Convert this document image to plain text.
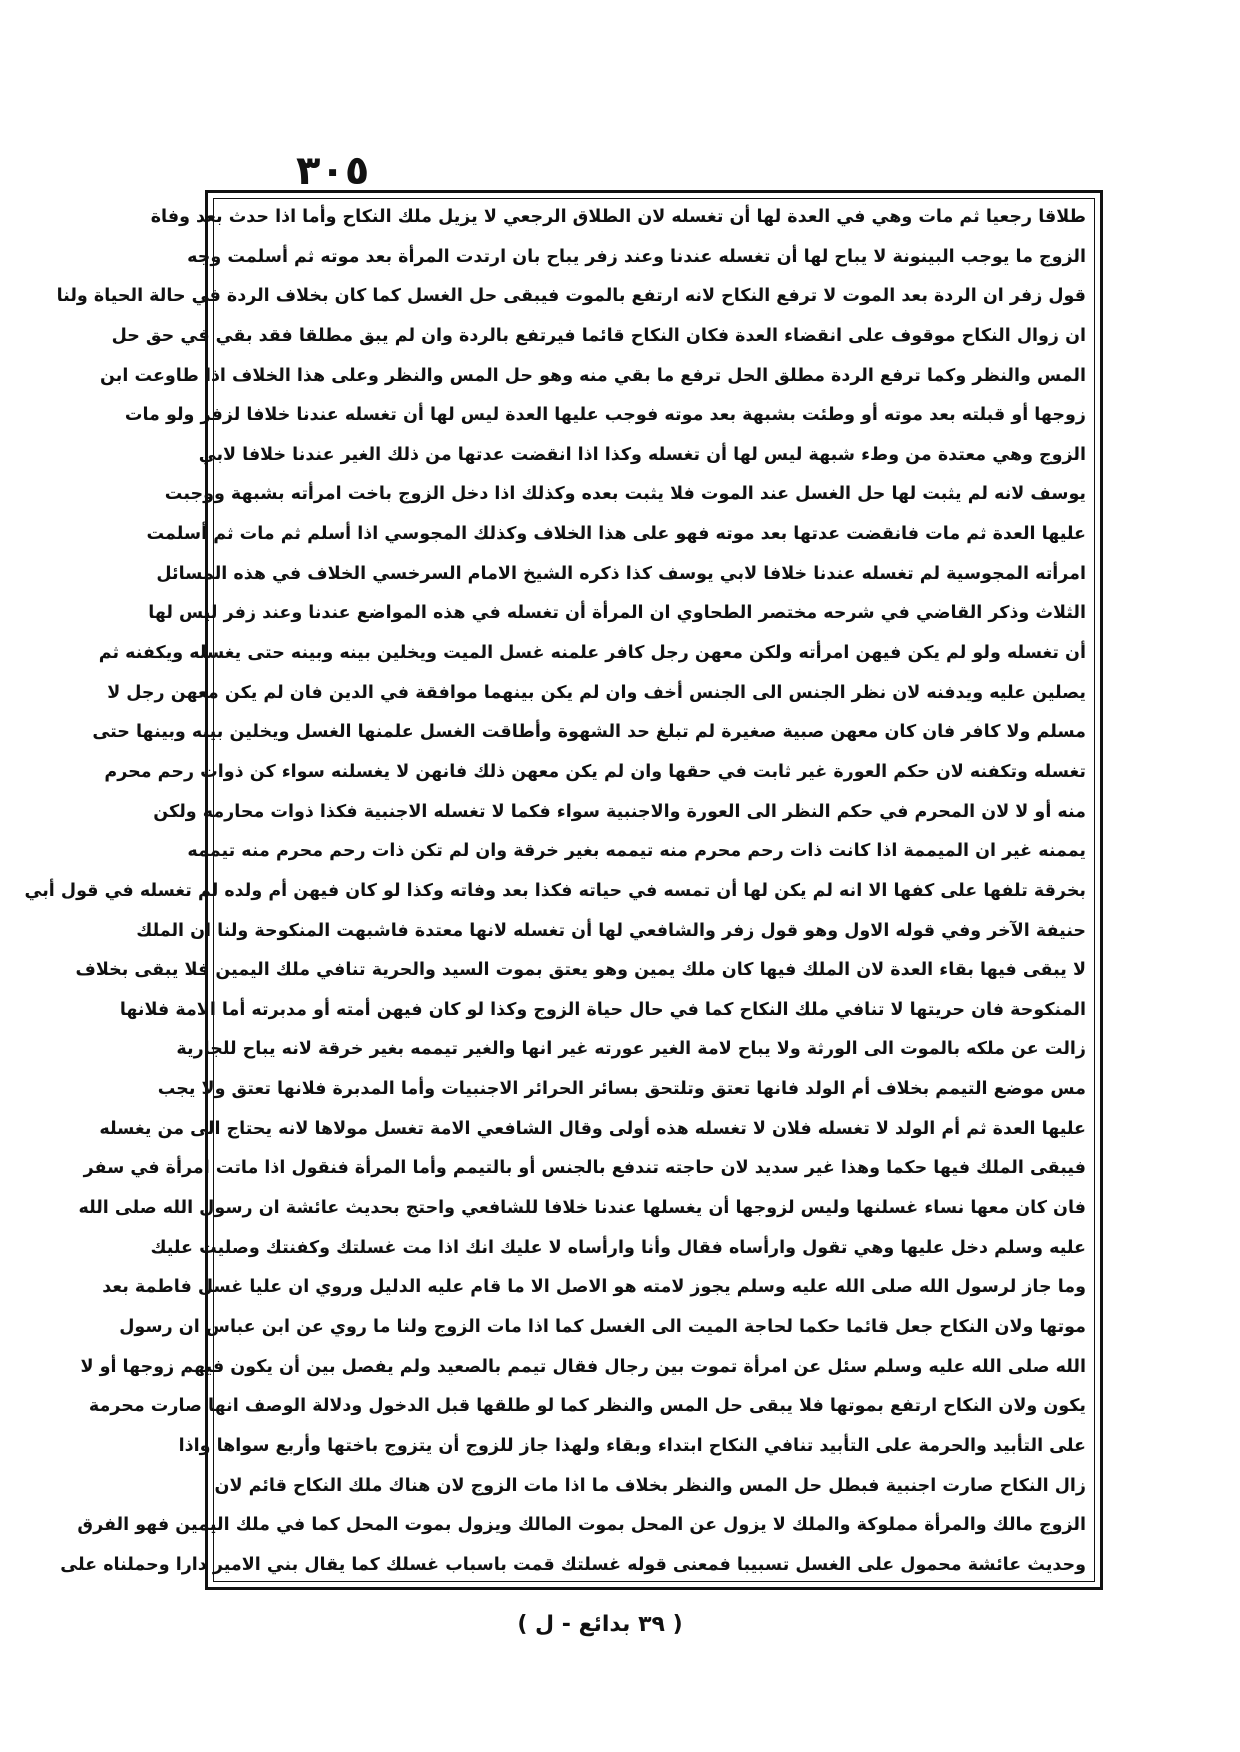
٣٠٥
طلاقا رجعيا ثم مات وهي في العدة لها أن تغسله لان الطلاق الرجعي لا يزيل ملك النكاح وأما اذا حدث بعد وفاة
الزوج ما يوجب البينونة لا يباح لها أن تغسله عندنا وعند زفر يباح بان ارتدت المرأة بعد موته ثم أسلمت وجه
قول زفر ان الردة بعد الموت لا ترفع النكاح لانه ارتفع بالموت فيبقى حل الغسل كما كان بخلاف الردة في حالة الحياة ولنا
ان زوال النكاح موقوف على انقضاء العدة فكان النكاح قائما فيرتفع بالردة وان لم يبق مطلقا فقد بقي في حق حل
المس والنظر وكما ترفع الردة مطلق الحل ترفع ما بقي منه وهو حل المس والنظر وعلى هذا الخلاف اذا طاوعت ابن
زوجها أو قبلته بعد موته أو وطئت بشبهة بعد موته فوجب عليها العدة ليس لها أن تغسله عندنا خلافا لزفر ولو مات
الزوج وهي معتدة من وطء شبهة ليس لها أن تغسله وكذا اذا انقضت عدتها من ذلك الغير عندنا خلافا لابي
يوسف لانه لم يثبت لها حل الغسل عند الموت فلا يثبت بعده وكذلك اذا دخل الزوج باخت امرأته بشبهة ووجبت
عليها العدة ثم مات فانقضت عدتها بعد موته فهو على هذا الخلاف وكذلك المجوسي اذا أسلم ثم مات ثم أسلمت
امرأته المجوسية لم تغسله عندنا خلافا لابي يوسف كذا ذكره الشيخ الامام السرخسي الخلاف في هذه المسائل
الثلاث وذكر القاضي في شرحه مختصر الطحاوي ان المرأة أن تغسله في هذه المواضع عندنا وعند زفر ليس لها
أن تغسله ولو لم يكن فيهن امرأته ولكن معهن رجل كافر علمنه غسل الميت ويخلين بينه وبينه حتى يغسله ويكفنه ثم
يصلين عليه ويدفنه لان نظر الجنس الى الجنس أخف وان لم يكن بينهما موافقة في الدين فان لم يكن معهن رجل لا
مسلم ولا كافر فان كان معهن صبية صغيرة لم تبلغ حد الشهوة وأطاقت الغسل علمنها الغسل ويخلين بينه وبينها حتى
تغسله وتكفنه لان حكم العورة غير ثابت في حقها وان لم يكن معهن ذلك فانهن لا يغسلنه سواء كن ذوات رحم محرم
منه أو لا لان المحرم في حكم النظر الى العورة والاجنبية سواء فكما لا تغسله الاجنبية فكذا ذوات محارمه ولكن
يممنه غير ان الميممة اذا كانت ذات رحم محرم منه تيممه بغير خرقة وان لم تكن ذات رحم محرم منه تيممه
بخرقة تلفها على كفها الا انه لم يكن لها أن تمسه في حياته فكذا بعد وفاته وكذا لو كان فيهن أم ولده لم تغسله في قول أبي
حنيفة الآخر وفي قوله الاول وهو قول زفر والشافعي لها أن تغسله لانها معتدة فاشبهت المنكوحة ولنا ان الملك
لا يبقى فيها بقاء العدة لان الملك فيها كان ملك يمين وهو يعتق بموت السيد والحرية تنافي ملك اليمين فلا يبقى بخلاف
المنكوحة فان حريتها لا تنافي ملك النكاح كما في حال حياة الزوج وكذا لو كان فيهن أمته أو مدبرته أما الامة فلانها
زالت عن ملكه بالموت الى الورثة ولا يباح لامة الغير عورته غير انها والغير تيممه بغير خرقة لانه يباح للجارية
مس موضع التيمم بخلاف أم الولد فانها تعتق وتلتحق بسائر الحرائر الاجنبيات وأما المدبرة فلانها تعتق ولا يجب
عليها العدة ثم أم الولد لا تغسله فلان لا تغسله هذه أولى وقال الشافعي الامة تغسل مولاها لانه يحتاج الى من يغسله
فيبقى الملك فيها حكما وهذا غير سديد لان حاجته تندفع بالجنس أو بالتيمم وأما المرأة فنقول اذا ماتت امرأة في سفر
فان كان معها نساء غسلنها وليس لزوجها أن يغسلها عندنا خلافا للشافعي واحتج بحديث عائشة ان رسول الله صلى الله
عليه وسلم دخل عليها وهي تقول وارأساه فقال وأنا وارأساه لا عليك انك اذا مت غسلتك وكفنتك وصليت عليك
وما جاز لرسول الله صلى الله عليه وسلم يجوز لامته هو الاصل الا ما قام عليه الدليل وروي ان عليا غسل فاطمة بعد
موتها ولان النكاح جعل قائما حكما لحاجة الميت الى الغسل كما اذا مات الزوج ولنا ما روي عن ابن عباس ان رسول
الله صلى الله عليه وسلم سئل عن امرأة تموت بين رجال فقال تيمم بالصعيد ولم يفصل بين أن يكون فيهم زوجها أو لا
يكون ولان النكاح ارتفع بموتها فلا يبقى حل المس والنظر كما لو طلقها قبل الدخول ودلالة الوصف انها صارت محرمة
على التأبيد والحرمة على التأبيد تنافي النكاح ابتداء وبقاء ولهذا جاز للزوج أن يتزوج باختها وأربع سواها واذا
زال النكاح صارت اجنبية فبطل حل المس والنظر بخلاف ما اذا مات الزوج لان هناك ملك النكاح قائم لان
الزوج مالك والمرأة مملوكة والملك لا يزول عن المحل بموت المالك ويزول بموت المحل كما في ملك اليمين فهو الفرق
وحديث عائشة محمول على الغسل تسبيبا فمعنى قوله غسلتك قمت باسباب غسلك كما يقال بني الامير دارا وحملناه على
( ٣٩ بدائع - ل )
